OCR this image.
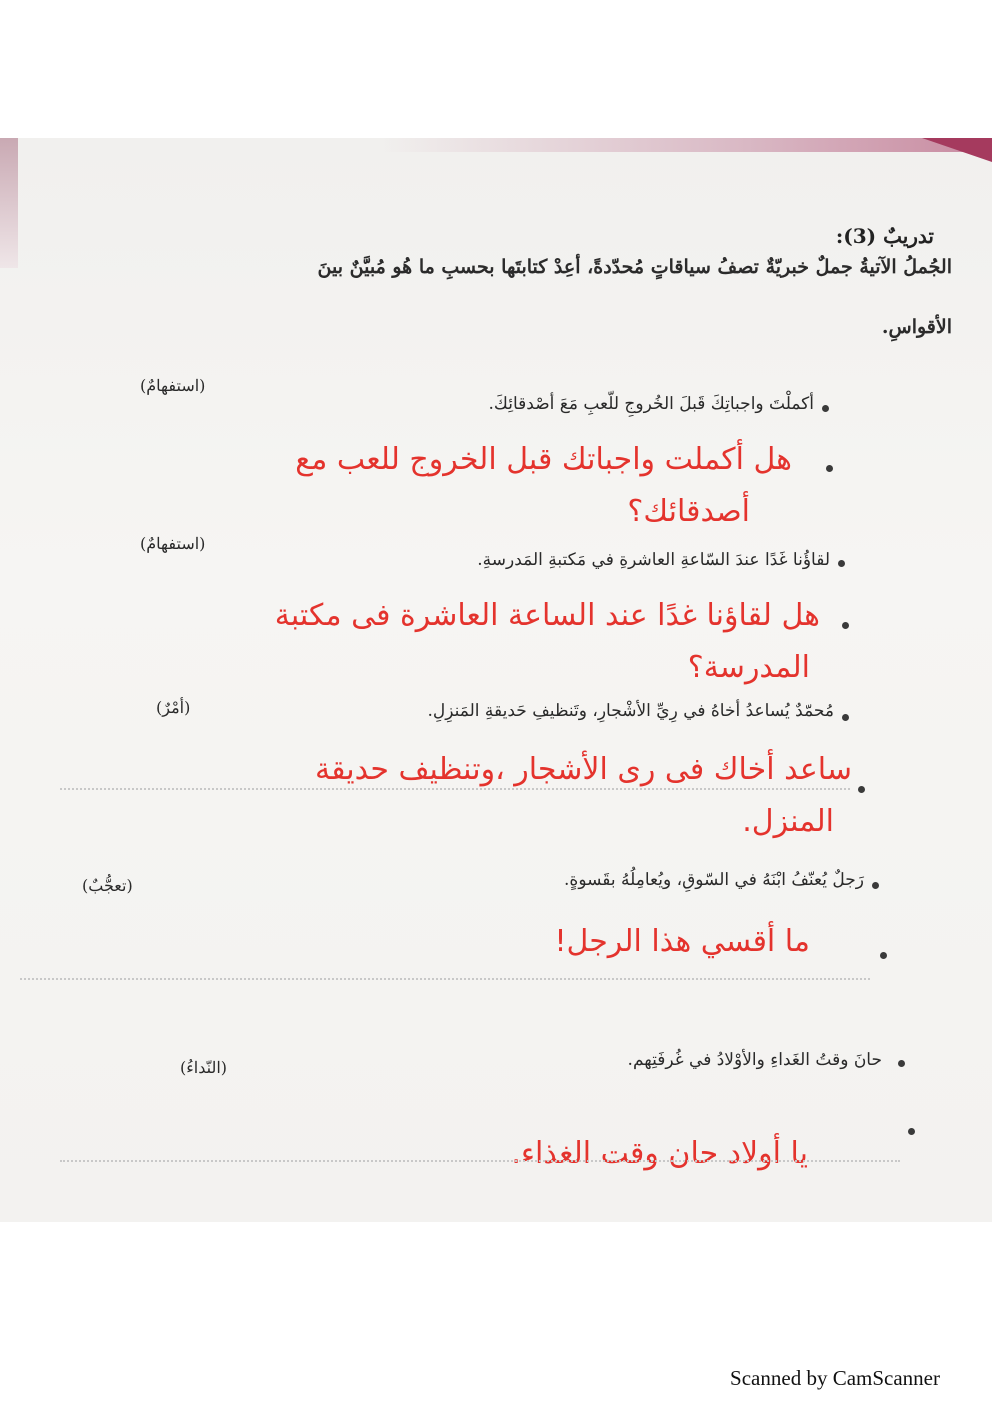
تدريبٌ (3):
الجُملُ الآتيةُ جملٌ خبريّةٌ تصفُ سياقاتٍ مُحدّدةً، أعِدْ كتابتَها بحسبِ ما هُو مُبيَّنٌ بينَ
الأقواسِ.
أكملْتَ واجباتِكَ قَبلَ الخُروجِ للّعبِ مَعَ أصْدقائِكَ.
(استفهامٌ)
هل أكملت واجباتك قبل الخروج للعب مع
أصدقائك؟
لقاؤُنا غَدًا عندَ السّاعةِ العاشرةِ في مَكتبةِ المَدرسةِ.
(استفهامٌ)
هل لقاؤنا غدًا عند الساعة العاشرة فى مكتبة
المدرسة؟
مُحمّدٌ يُساعدُ أخاهُ في رِيِّ الأشْجارِ، وتَنظيفِ حَديقةِ المَنزِلِ.
(أمْرٌ)
ساعد أخاك فى رى الأشجار ،وتنظيف حديقة
المنزل.
رَجلٌ يُعنّفُ ابْنَهُ في السّوقِ، ويُعامِلُهُ بقَسوةٍ.
(تعجُّبٌ)
ما أقسي هذا الرجل!
حانَ وقتُ الغَداءِ والأوْلادُ في غُرفَتِهم.
(النّداءُ)
يا أولاد حان وقت الغذاء.
Scanned by CamScanner
